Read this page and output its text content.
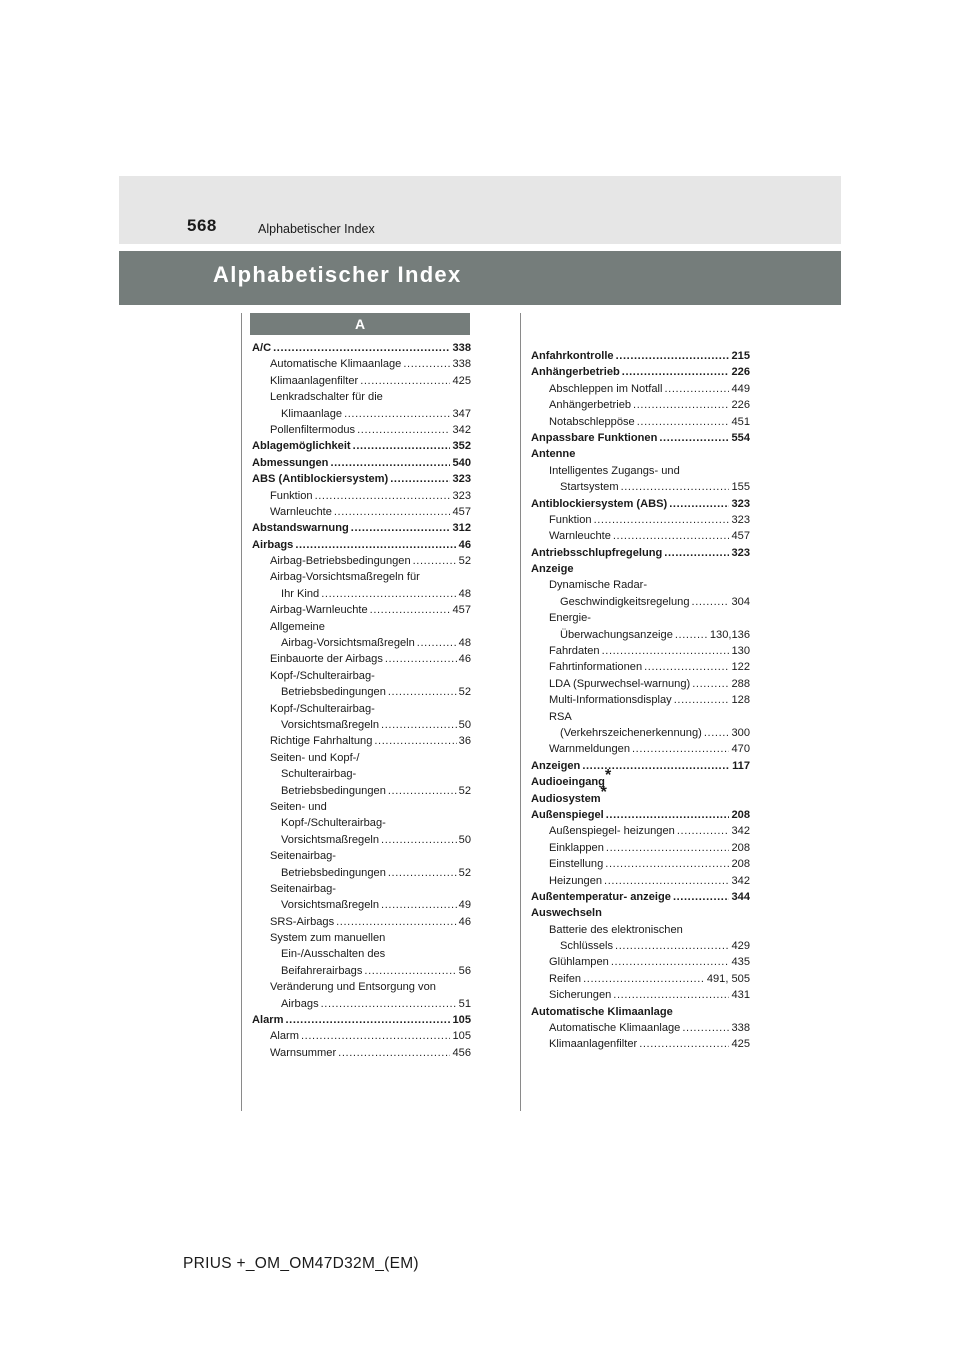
568	Alphabetischer Index
Alphabetischer Index
A
A/C .....	338
Automatische Klimaanlage .....	338
Klimaanlagenfilter .....	425
Lenkradschalter für die
Klimaanlage .....	347
Pollenfiltermodus .....	342
Ablagemöglichkeit .....	352
Abmessungen .....	540
ABS (Antiblockiersystem) .....	323
Funktion .....	323
Warnleuchte .....	457
Abstandswarnung .....	312
Airbags .....	46
Airbag-Betriebsbedingungen .....	52
Airbag-Vorsichtsmaßregeln für
Ihr Kind .....	48
Airbag-Warnleuchte .....	457
Allgemeine
Airbag-Vorsichtsmaßregeln .....	48
Einbauorte der Airbags .....	46
Kopf-/Schulterairbag-
Betriebsbedingungen .....	52
Kopf-/Schulterairbag-
Vorsichtsmaßregeln .....	50
Richtige Fahrhaltung .....	36
Seiten- und Kopf-/
Schulterairbag-
Betriebsbedingungen .....	52
Seiten- und
Kopf-/Schulterairbag-
Vorsichtsmaßregeln .....	50
Seitenairbag-
Betriebsbedingungen .....	52
Seitenairbag-
Vorsichtsmaßregeln .....	49
SRS-Airbags .....	46
System zum manuellen
Ein-/Ausschalten des
Beifahrerairbags .....	56
Veränderung und Entsorgung von
Airbags .....	51
Alarm .....	105
Alarm .....	105
Warnsummer .....	456
Anfahrkontrolle .....	215
Anhängerbetrieb .....	226
Abschleppen im Notfall .....	449
Anhängerbetrieb .....	226
Notabschleppöse .....	451
Anpassbare Funktionen .....	554
Antenne
Intelligentes Zugangs- und
Startsystem .....	155
Antiblockiersystem (ABS) .....	323
Funktion .....	323
Warnleuchte .....	457
Antriebsschlupfregelung .....	323
Anzeige
Dynamische Radar-
Geschwindigkeitsregelung .....	304
Energie-
Überwachungsanzeige .....	130,136
Fahrdaten .....	130
Fahrtinformationen .....	122
LDA (Spurwechsel-warnung) .....	288
Multi-Informationsdisplay .....	128
RSA
(Verkehrszeichenerkennung) .....	300
Warnmeldungen .....	470
Anzeigen .....	117
Audioeingang*
Audiosystem*
Außenspiegel .....	208
Außenspiegel- heizungen .....	342
Einklappen .....	208
Einstellung .....	208
Heizungen .....	342
Außentemperatur- anzeige .....	344
Auswechseln
Batterie des elektronischen
Schlüssels .....	429
Glühlampen .....	435
Reifen .....	491, 505
Sicherungen .....	431
Automatische Klimaanlage
Automatische Klimaanlage .....	338
Klimaanlagenfilter .....	425
PRIUS +_OM_OM47D32M_(EM)
